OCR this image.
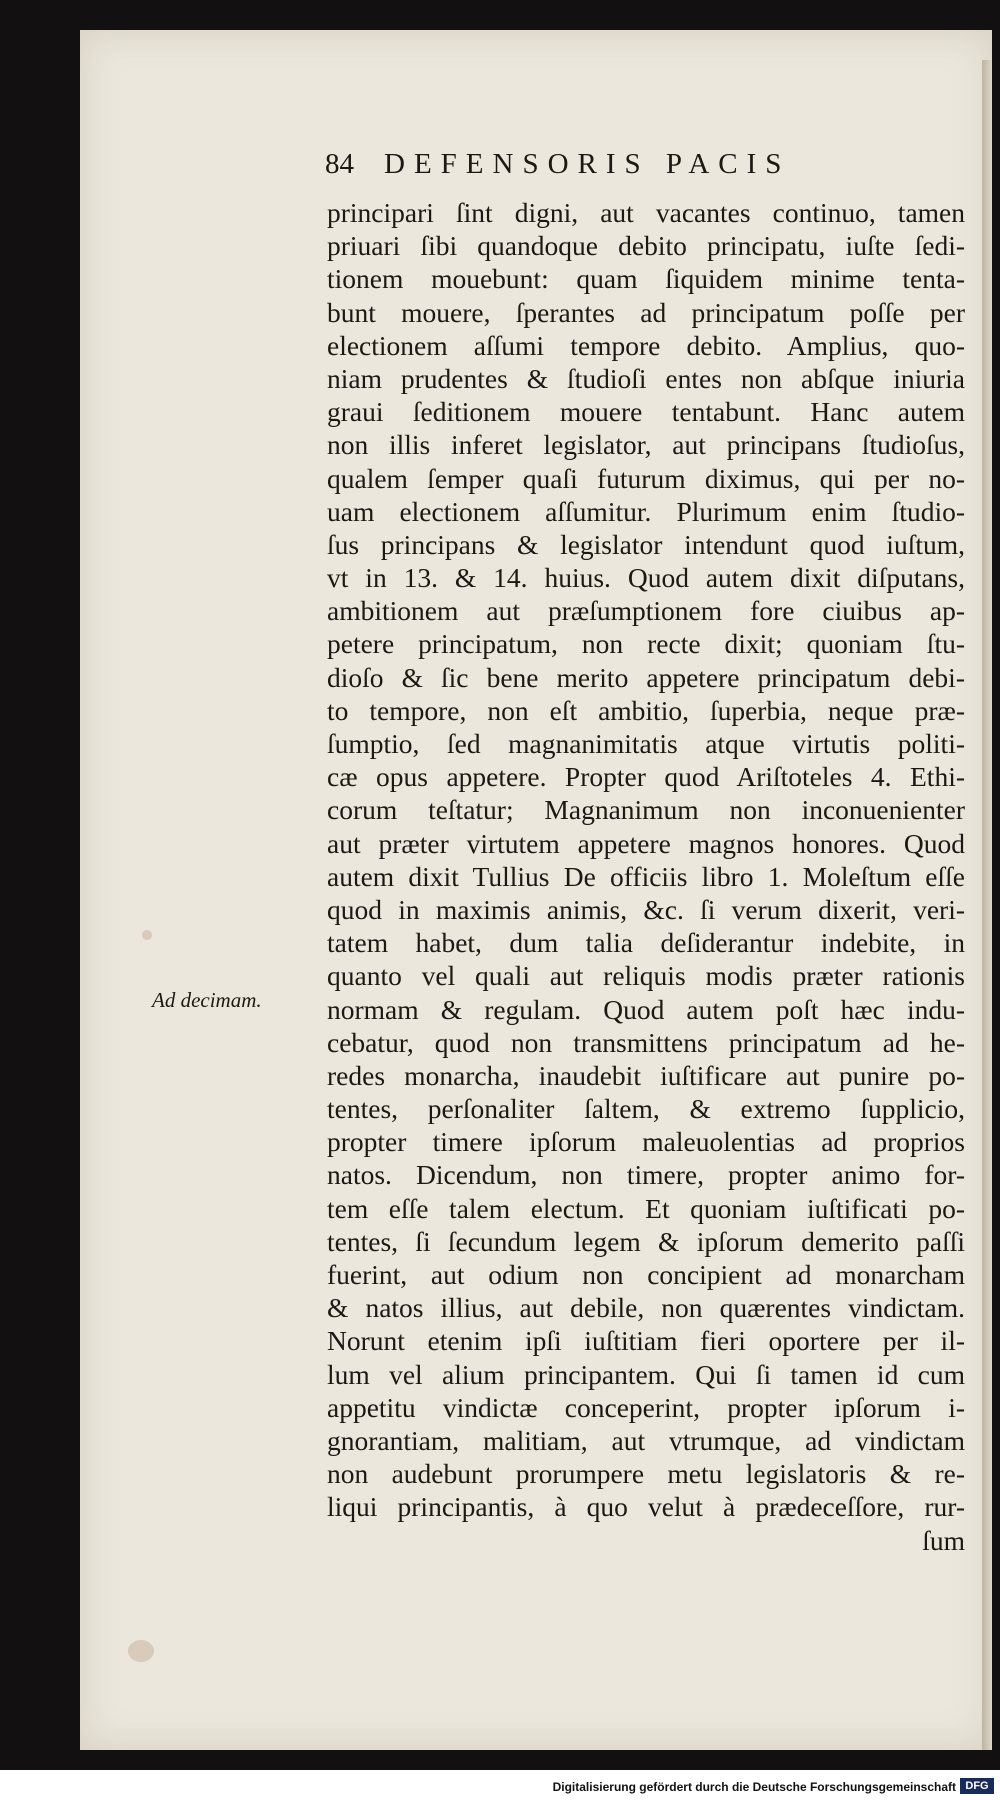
84 DEFENSORIS PACIS
Ad decimam.
principari ſint digni, aut vacantes continuo, tamen
priuari ſibi quandoque debito principatu, iuſte ſedi-
tionem mouebunt: quam ſiquidem minime tenta-
bunt mouere, ſperantes ad principatum poſſe per
electionem aſſumi tempore debito. Amplius, quo-
niam prudentes & ſtudioſi entes non abſque iniuria
graui ſeditionem mouere tentabunt. Hanc autem
non illis inferet legislator, aut principans ſtudioſus,
qualem ſemper quaſi futurum diximus, qui per no-
uam electionem aſſumitur. Plurimum enim ſtudio-
ſus principans & legislator intendunt quod iuſtum,
vt in 13. & 14. huius. Quod autem dixit diſputans,
ambitionem aut præſumptionem fore ciuibus ap-
petere principatum, non recte dixit; quoniam ſtu-
dioſo & ſic bene merito appetere principatum debi-
to tempore, non eſt ambitio, ſuperbia, neque præ-
ſumptio, ſed magnanimitatis atque virtutis politi-
cæ opus appetere. Propter quod Ariſtoteles 4. Ethi-
corum teſtatur; Magnanimum non inconuenienter
aut præter virtutem appetere magnos honores. Quod
autem dixit Tullius De officiis libro 1. Moleſtum eſſe
quod in maximis animis, &c. ſi verum dixerit, veri-
tatem habet, dum talia deſiderantur indebite, in
quanto vel quali aut reliquis modis præter rationis
normam & regulam. Quod autem poſt hæc indu-
cebatur, quod non transmittens principatum ad he-
redes monarcha, inaudebit iuſtificare aut punire po-
tentes, perſonaliter ſaltem, & extremo ſupplicio,
propter timere ipſorum maleuolentias ad proprios
natos. Dicendum, non timere, propter animo for-
tem eſſe talem electum. Et quoniam iuſtificati po-
tentes, ſi ſecundum legem & ipſorum demerito paſſi
fuerint, aut odium non concipient ad monarcham
& natos illius, aut debile, non quærentes vindictam.
Norunt etenim ipſi iuſtitiam fieri oportere per il-
lum vel alium principantem. Qui ſi tamen id cum
appetitu vindictæ conceperint, propter ipſorum i-
gnorantiam, malitiam, aut vtrumque, ad vindictam
non audebunt prorumpere metu legislatoris & re-
liqui principantis, à quo velut à prædeceſſore, rur-
ſum
Digitalisierung gefördert durch die Deutsche Forschungsgemeinschaft DFG
